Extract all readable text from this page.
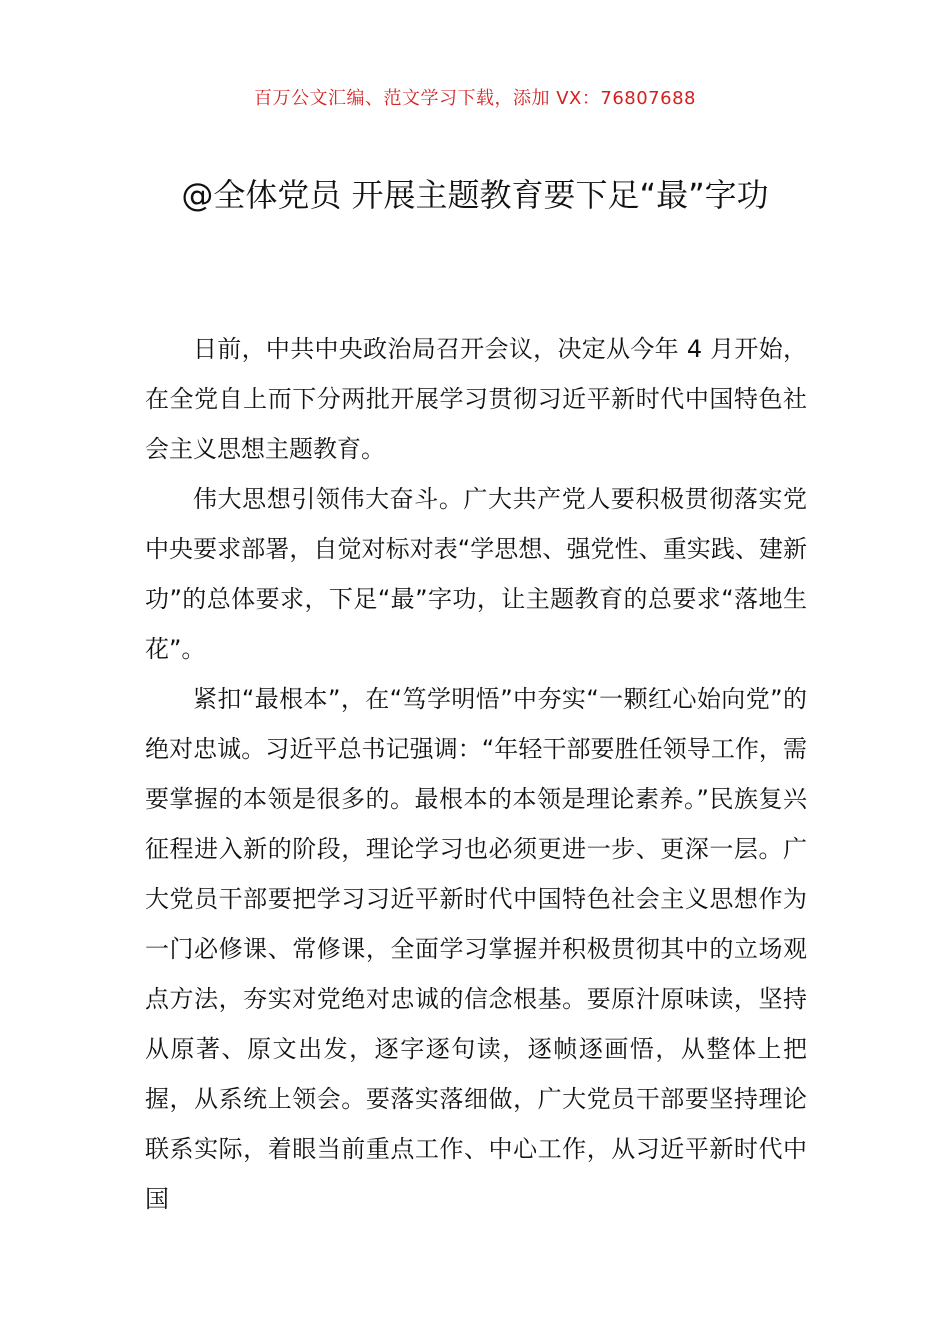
百万公文汇编、范文学习下载，添加 VX：76807688
@全体党员 开展主题教育要下足“最”字功

日前，中共中央政治局召开会议，决定从今年 4 月开始，在全党自上而下分两批开展学习贯彻习近平新时代中国特色社会主义思想主题教育。

伟大思想引领伟大奋斗。广大共产党人要积极贯彻落实党中央要求部署，自觉对标对表“学思想、强党性、重实践、建新功”的总体要求，下足“最”字功，让主题教育的总要求“落地生花”。

紧扣“最根本”，在“笃学明悟”中夯实“一颗红心始向党”的绝对忠诚。习近平总书记强调：“年轻干部要胜任领导工作，需要掌握的本领是很多的。最根本的本领是理论素养。”民族复兴征程进入新的阶段，理论学习也必须更进一步、更深一层。广大党员干部要把学习习近平新时代中国特色社会主义思想作为一门必修课、常修课，全面学习掌握并积极贯彻其中的立场观点方法，夯实对党绝对忠诚的信念根基。要原汁原味读，坚持从原著、原文出发，逐字逐句读，逐帧逐画悟，从整体上把握，从系统上领会。要落实落细做，广大党员干部要坚持理论联系实际，着眼当前重点工作、中心工作，从习近平新时代中国
